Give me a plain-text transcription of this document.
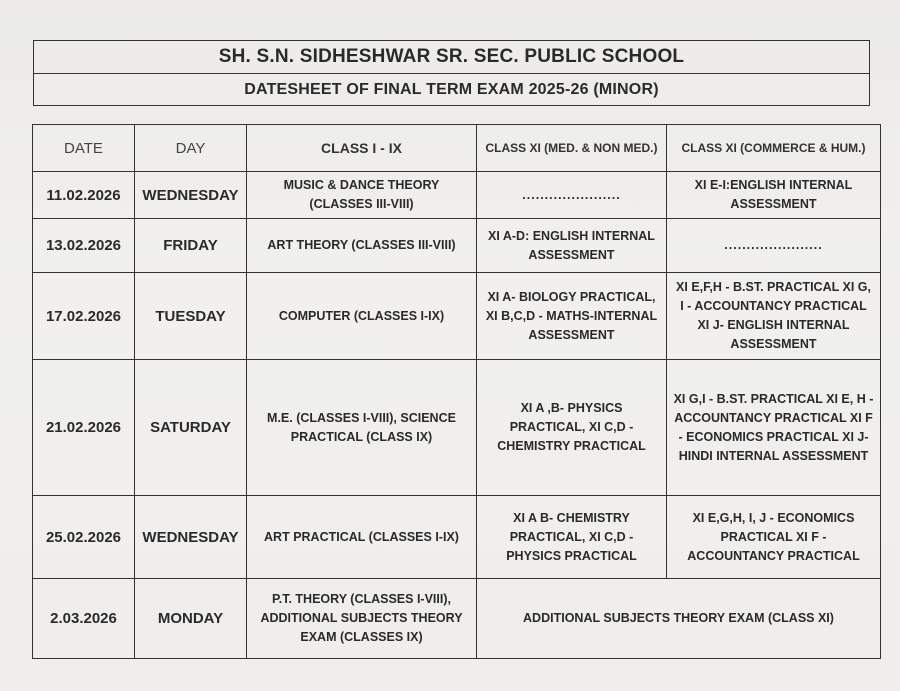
SH. S.N. SIDHESHWAR SR. SEC. PUBLIC SCHOOL
DATESHEET OF FINAL TERM EXAM 2025-26 (MINOR)
DATE	DAY	CLASS I - IX	CLASS XI (MED. & NON MED.)	CLASS XI (COMMERCE & HUM.)
11.02.2026	WEDNESDAY	MUSIC & DANCE THEORY (CLASSES III-VIII)	......................	XI E-I:ENGLISH INTERNAL ASSESSMENT
13.02.2026	FRIDAY	ART THEORY (CLASSES III-VIII)	XI A-D: ENGLISH INTERNAL ASSESSMENT	......................
17.02.2026	TUESDAY	COMPUTER (CLASSES I-IX)	XI A- BIOLOGY PRACTICAL, XI B,C,D - MATHS-INTERNAL ASSESSMENT	XI E,F,H - B.ST. PRACTICAL XI G, I - ACCOUNTANCY PRACTICAL XI J- ENGLISH INTERNAL ASSESSMENT
21.02.2026	SATURDAY	M.E. (CLASSES I-VIII), SCIENCE PRACTICAL (CLASS IX)	XI A ,B- PHYSICS PRACTICAL, XI C,D - CHEMISTRY PRACTICAL	XI G,I - B.ST. PRACTICAL XI E, H - ACCOUNTANCY PRACTICAL XI F - ECONOMICS PRACTICAL XI J- HINDI INTERNAL ASSESSMENT
25.02.2026	WEDNESDAY	ART PRACTICAL (CLASSES I-IX)	XI A B- CHEMISTRY PRACTICAL, XI C,D - PHYSICS PRACTICAL	XI E,G,H, I, J - ECONOMICS PRACTICAL XI F - ACCOUNTANCY PRACTICAL
2.03.2026	MONDAY	P.T. THEORY (CLASSES I-VIII), ADDITIONAL SUBJECTS THEORY EXAM (CLASSES IX)	ADDITIONAL SUBJECTS THEORY EXAM (CLASS XI)	
